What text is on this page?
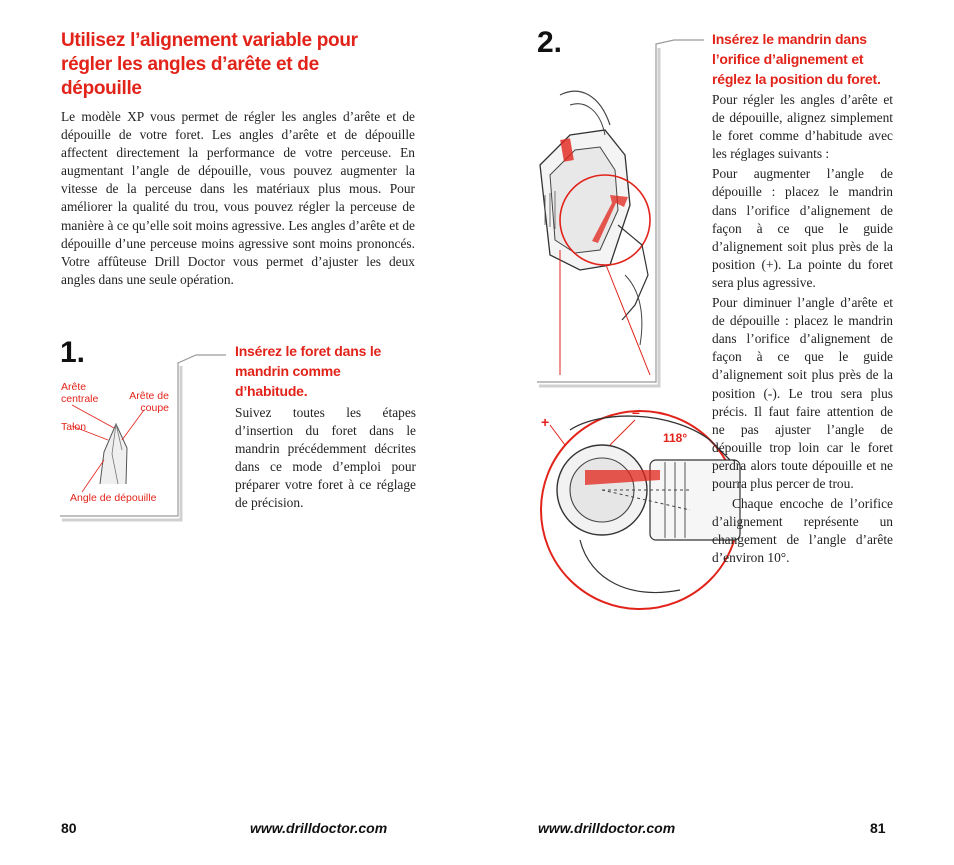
Utilisez l’alignement variable pour régler les angles d’arête et de dépouille
Le modèle XP vous permet de régler les angles d’arête et de dépouille de votre foret. Les angles d’arête et de dépouille affectent directement la performance de votre perceuse. En augmentant l’angle de dépouille, vous pouvez augmenter la vitesse de la perceuse dans les matériaux plus mous. Pour améliorer la qualité du trou, vous pouvez régler la perceuse de manière à ce qu’elle soit moins agressive. Les angles d’arête et de dépouille d’une perceuse moins agressive sont moins prononcés. Votre affûteuse Drill Doctor vous permet d’ajuster les deux angles dans une seule opération.
1.
Arête centrale	Arête de coupe
Talon
Angle de dépouille
Insérez le foret dans le mandrin comme d’habitude.
Suivez toutes les étapes d’insertion du foret dans le mandrin précédemment décrites dans ce mode d’emploi pour préparer votre foret à ce réglage de précision.
80	www.drilldoctor.com
2.
+
–
118°
Insérez le mandrin dans l’orifice d’alignement et réglez la position du foret.

Pour régler les angles d’arête et de dépouille, alignez simplement le foret comme d’habitude avec les réglages suivants :

Pour augmenter l’angle de dépouille : placez le mandrin dans l’orifice d’alignement de façon à ce que le guide d’alignement soit plus près de la position (+). La pointe du foret sera plus agressive.

Pour diminuer l’angle d’arête et de dépouille : placez le mandrin dans l’orifice d’alignement de façon à ce que le guide d’alignement soit plus près de la position (-). Le trou sera plus précis. Il faut faire attention de ne pas ajuster l’angle de dépouille trop loin car le foret perdra alors toute dépouille et ne pourra plus percer de trou.

Chaque encoche de l’orifice d’alignement représente un changement de l’angle d’arête d’environ 10°.

www.drilldoctor.com	81
